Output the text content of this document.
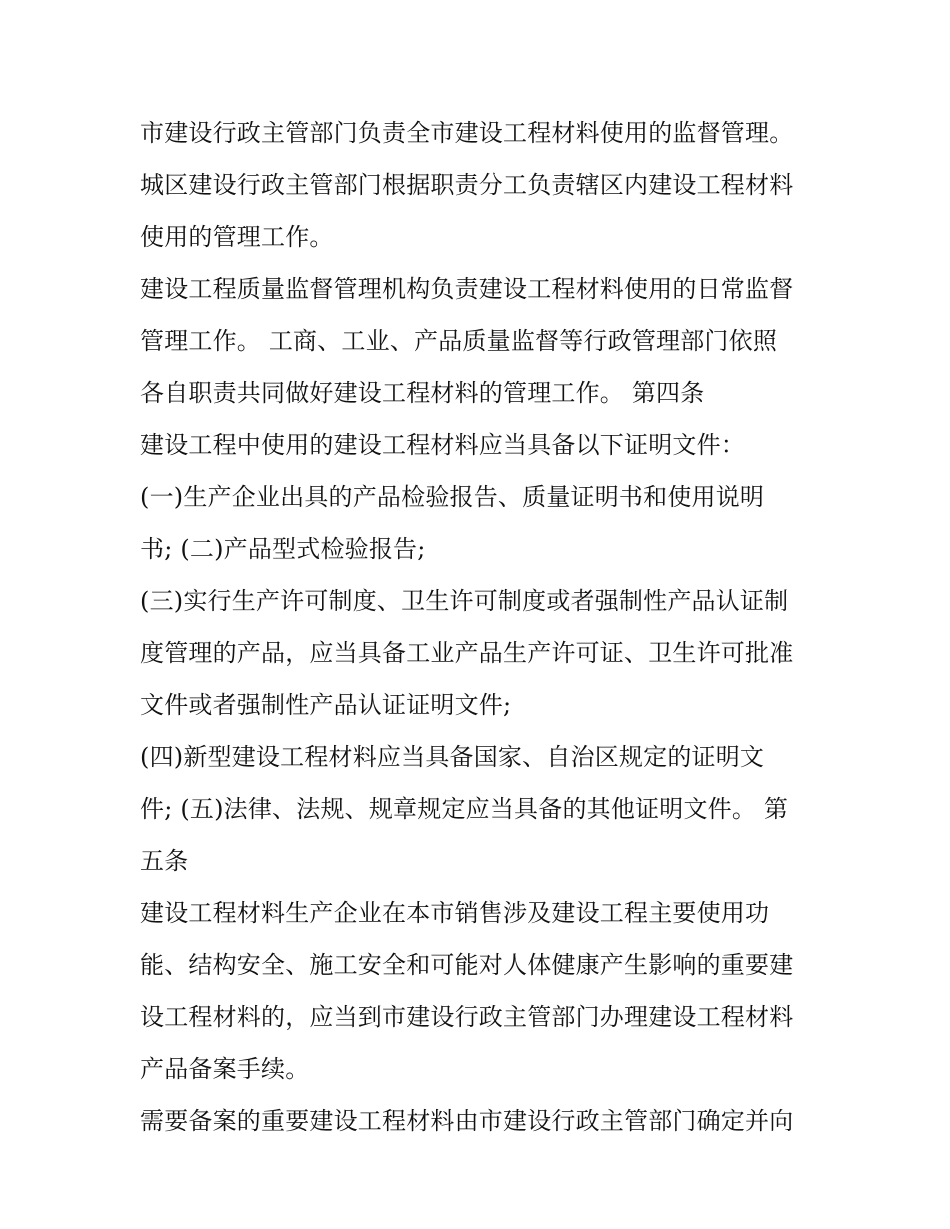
市建设行政主管部门负责全市建设工程材料使用的监督管理。
城区建设行政主管部门根据职责分工负责辖区内建设工程材料
使用的管理工作。
建设工程质量监督管理机构负责建设工程材料使用的日常监督
管理工作。 工商、工业、产品质量监督等行政管理部门依照
各自职责共同做好建设工程材料的管理工作。 第四条
建设工程中使用的建设工程材料应当具备以下证明文件：
(一)生产企业出具的产品检验报告、质量证明书和使用说明
书; (二)产品型式检验报告;
(三)实行生产许可制度、卫生许可制度或者强制性产品认证制
度管理的产品，应当具备工业产品生产许可证、卫生许可批准
文件或者强制性产品认证证明文件;
(四)新型建设工程材料应当具备国家、自治区规定的证明文
件; (五)法律、法规、规章规定应当具备的其他证明文件。 第
五条
建设工程材料生产企业在本市销售涉及建设工程主要使用功
能、结构安全、施工安全和可能对人体健康产生影响的重要建
设工程材料的，应当到市建设行政主管部门办理建设工程材料
产品备案手续。
需要备案的重要建设工程材料由市建设行政主管部门确定并向
